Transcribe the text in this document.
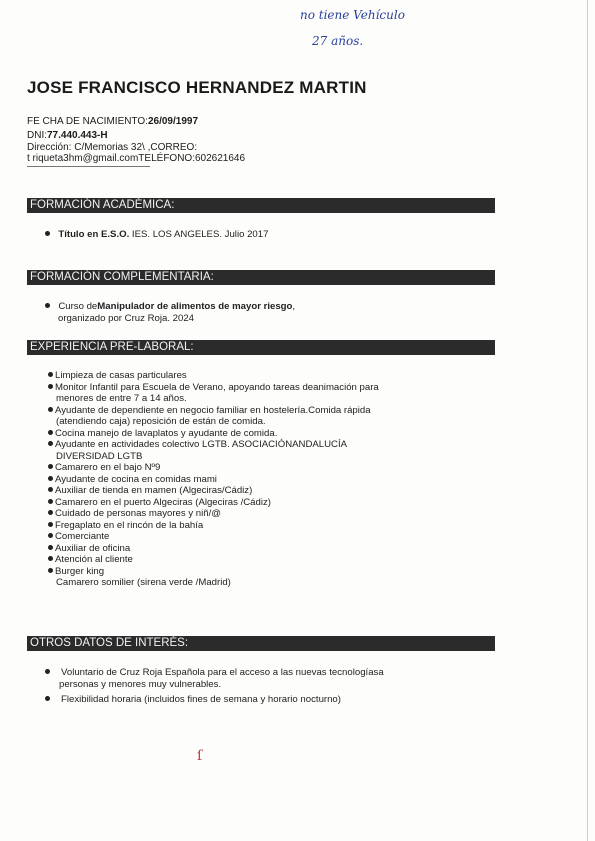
no tiene Vehículo
27 años.
JOSE FRANCISCO HERNANDEZ MARTIN
FE CHA DE NACIMIENTO:26/09/1997
DNI:77.440.443-H
Dirección: C/Memorias 32\ ,CORREO:
t riqueta3hm@gmail.comTELÉFONO:602621646
FORMACIÓN ACADÉMICA:
Título en E.S.O. IES. LOS ANGELES. Julio 2017
FORMACIÓN COMPLEMENTARIA:
Curso deManipulador de alimentos de mayor riesgo,
organizado por Cruz Roja. 2024
EXPERIENCIA PRE-LABORAL:
Limpieza de casas particulares
Monitor Infantil para Escuela de Verano, apoyando tareas deanimación para
menores de entre 7 a 14 años.
Ayudante de dependiente en negocio familiar en hostelería.Comida rápida
(atendiendo caja) reposición de están de comida.
Cocina manejo de lavaplatos y ayudante de comida.
Ayudante en actividades colectivo LGTB. ASOCIACIÓNANDALUCÍA
DIVERSIDAD LGTB
Camarero en el bajo Nº9
Ayudante de cocina en comidas mami
Auxiliar de tienda en mamen (Algeciras/Cádiz)
Camarero en el puerto Algeciras (Algeciras /Cádiz)
Cuidado de personas mayores y niñ/@
Fregaplato en el rincón de la bahía
Comerciante
Auxiliar de oficina
Atención al cliente
Burger king
Camarero somilier (sirena verde /Madrid)
OTROS DATOS DE INTERÉS:
Voluntario de Cruz Roja Española para el acceso a las nuevas tecnologíasa
personas y menores muy vulnerables.
Flexibilidad horaria (incluidos fines de semana y horario nocturno)
ſ
